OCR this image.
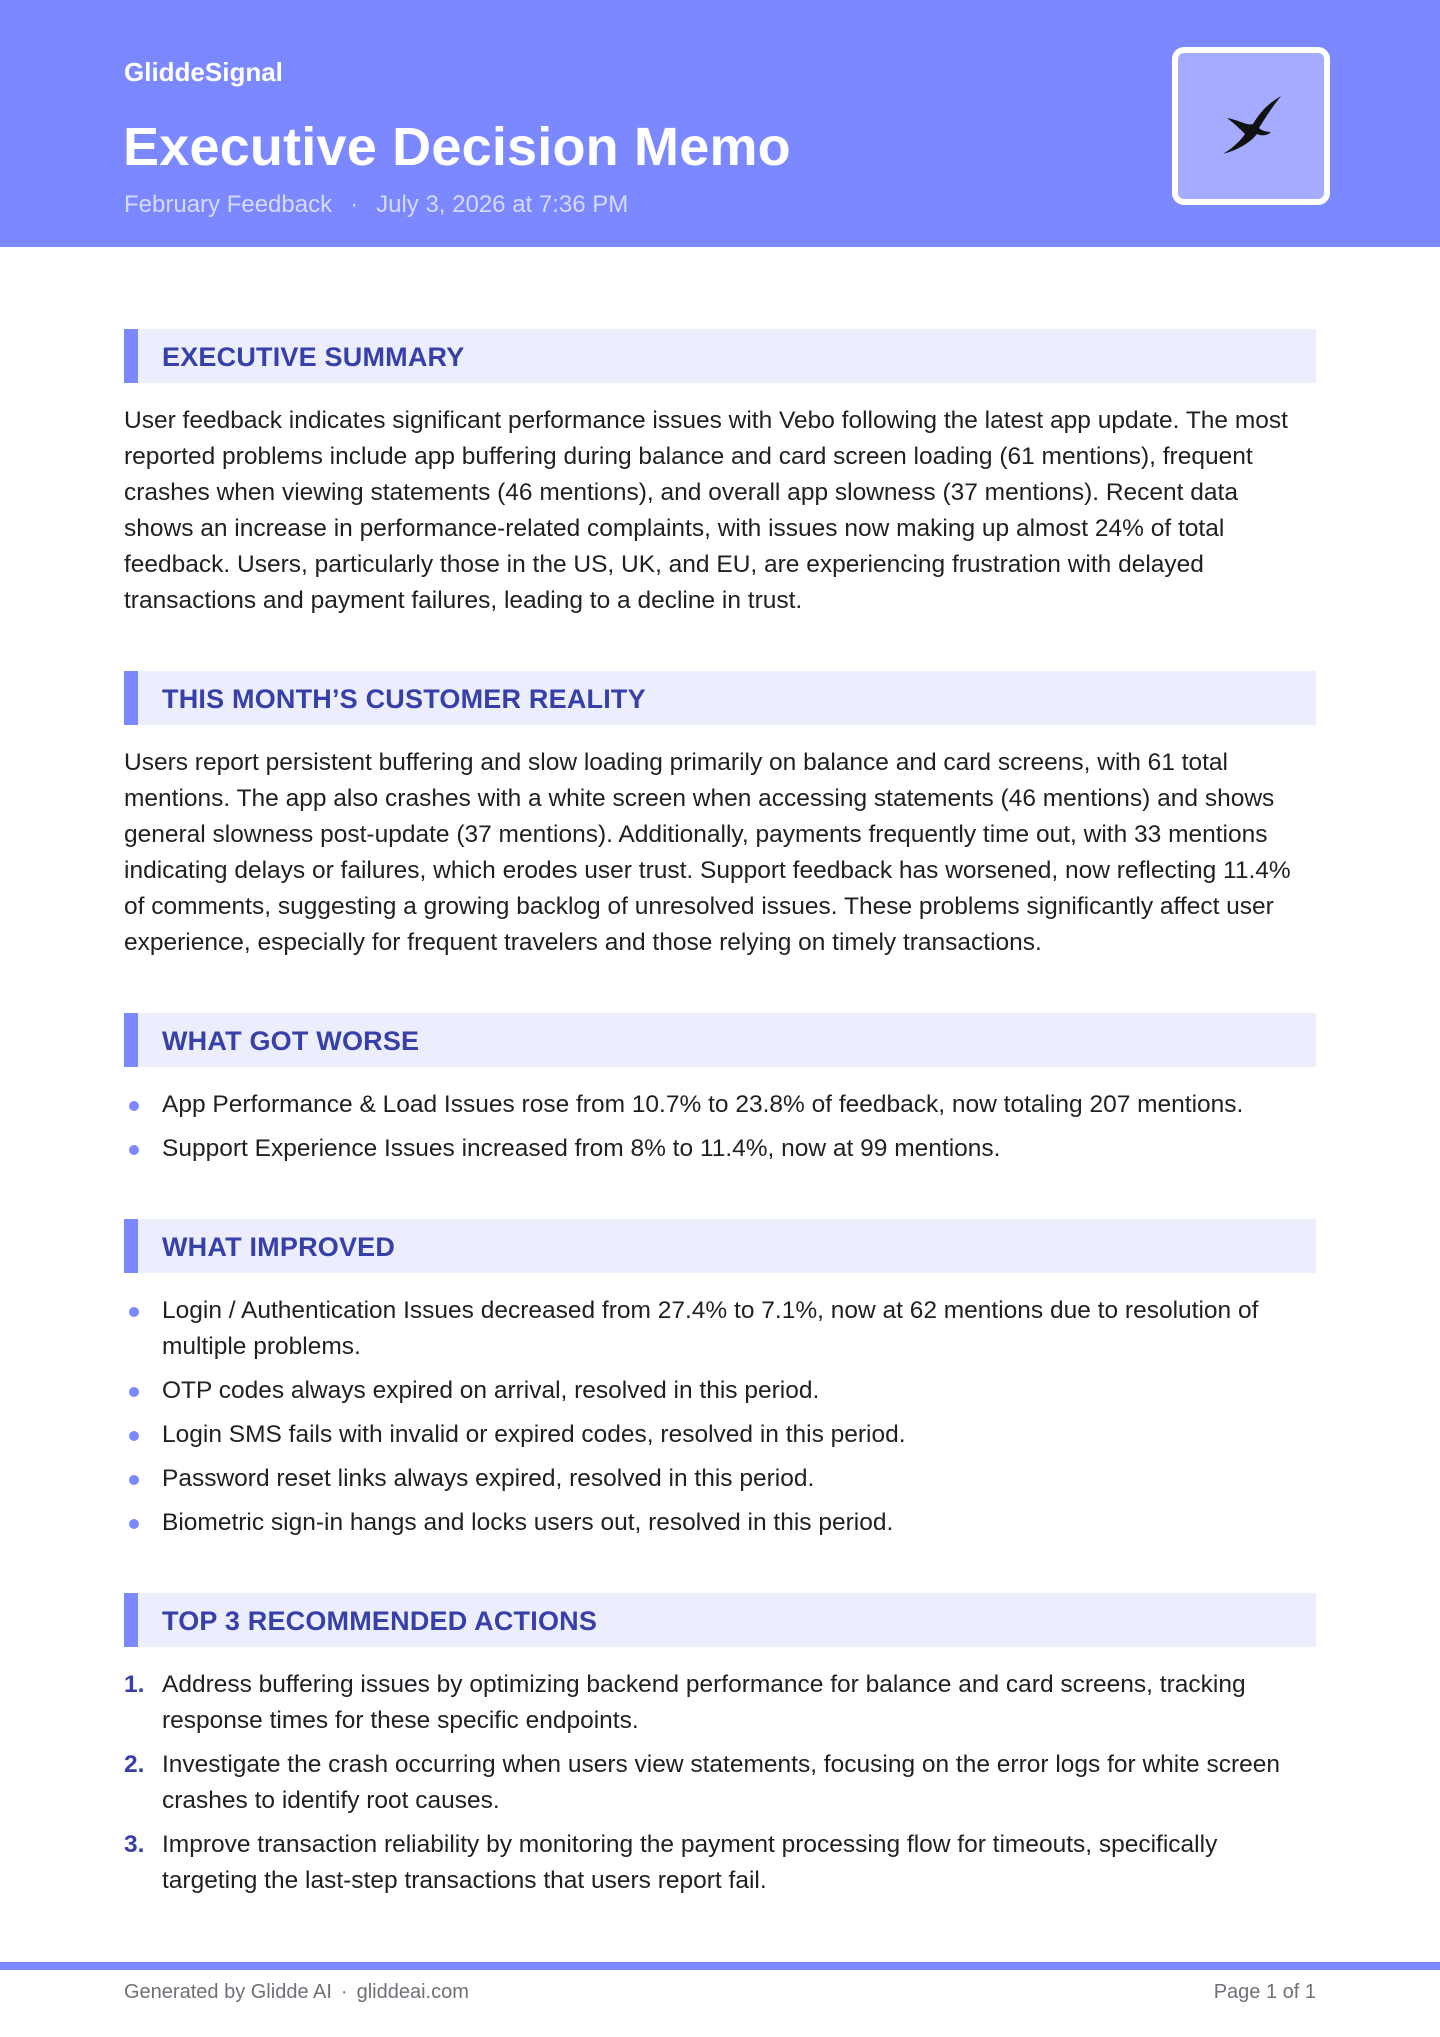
GliddeSignal
Executive Decision Memo
February Feedback · July 3, 2026 at 7:36 PM
EXECUTIVE SUMMARY

User feedback indicates significant performance issues with Vebo following the latest app update. The most reported problems include app buffering during balance and card screen loading (61 mentions), frequent crashes when viewing statements (46 mentions), and overall app slowness (37 mentions). Recent data shows an increase in performance-related complaints, with issues now making up almost 24% of total feedback. Users, particularly those in the US, UK, and EU, are experiencing frustration with delayed transactions and payment failures, leading to a decline in trust.

THIS MONTH’S CUSTOMER REALITY

Users report persistent buffering and slow loading primarily on balance and card screens, with 61 total mentions. The app also crashes with a white screen when accessing statements (46 mentions) and shows general slowness post-update (37 mentions). Additionally, payments frequently time out, with 33 mentions indicating delays or failures, which erodes user trust. Support feedback has worsened, now reflecting 11.4% of comments, suggesting a growing backlog of unresolved issues. These problems significantly affect user experience, especially for frequent travelers and those relying on timely transactions.

WHAT GOT WORSE
App Performance & Load Issues rose from 10.7% to 23.8% of feedback, now totaling 207 mentions.
Support Experience Issues increased from 8% to 11.4%, now at 99 mentions.
WHAT IMPROVED
Login / Authentication Issues decreased from 27.4% to 7.1%, now at 62 mentions due to resolution of multiple problems.
OTP codes always expired on arrival, resolved in this period.
Login SMS fails with invalid or expired codes, resolved in this period.
Password reset links always expired, resolved in this period.
Biometric sign-in hangs and locks users out, resolved in this period.
TOP 3 RECOMMENDED ACTIONS
1. Address buffering issues by optimizing backend performance for balance and card screens, tracking response times for these specific endpoints.
2. Investigate the crash occurring when users view statements, focusing on the error logs for white screen crashes to identify root causes.
3. Improve transaction reliability by monitoring the payment processing flow for timeouts, specifically targeting the last-step transactions that users report fail.
Generated by Glidde AI · gliddeai.com	Page 1 of 1
